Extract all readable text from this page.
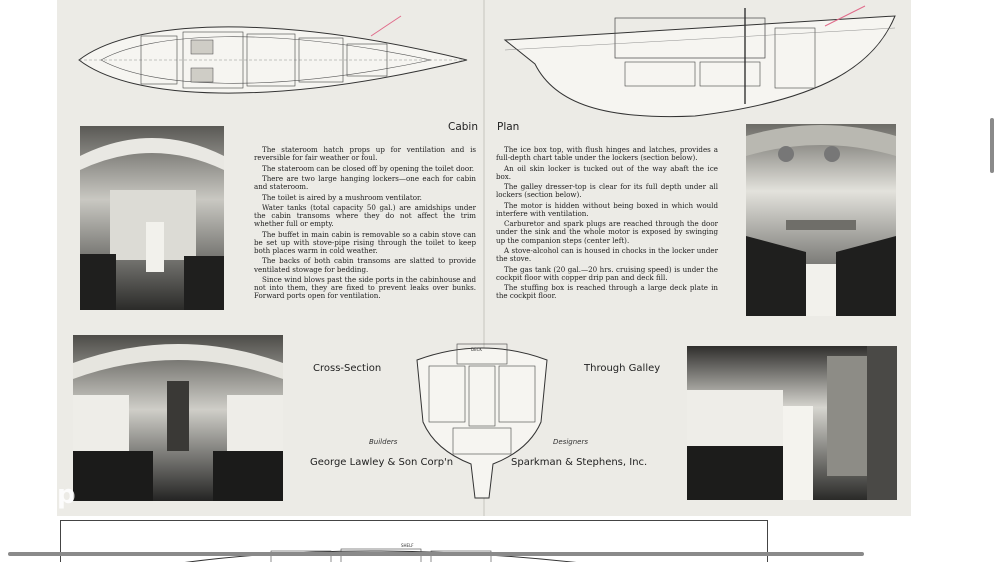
DECK
Cabin Plan
Cross-Section	Through Galley
Builders
George Lawley & Son Corp'n
Designers
Sparkman & Stephens, Inc.

The stateroom hatch props up for ventilation and is reversible for fair weather or foul.

The stateroom can be closed off by opening the toilet door.

There are two large hanging lockers—one each for cabin and stateroom.

The toilet is aired by a mushroom ventilator.

Water tanks (total capacity 50 gal.) are amidships under the cabin transoms where they do not affect the trim whether full or empty.

The buffet in main cabin is removable so a cabin stove can be set up with stove-pipe rising through the toilet to keep both places warm in cold weather.

The backs of both cabin transoms are slatted to provide ventilated stowage for bedding.

Since wind blows past the side ports in the cabinhouse and not into them, they are fixed to prevent leaks over bunks. Forward ports open for ventilation.

The ice box top, with flush hinges and latches, provides a full-depth chart table under the lockers (section below).

An oil skin locker is tucked out of the way abaft the ice box.

The galley dresser-top is clear for its full depth under all lockers (section below).

The motor is hidden without being boxed in which would interfere with ventilation.

Carburetor and spark plugs are reached through the door under the sink and the whole motor is exposed by swinging up the companion steps (center left).

A stove-alcohol can is housed in chocks in the locker under the stove.

The gas tank (20 gal.—20 hrs. cruising speed) is under the cockpit floor with copper drip pan and deck fill.

The stuffing box is reached through a large deck plate in the cockpit floor.

p
SHELF
